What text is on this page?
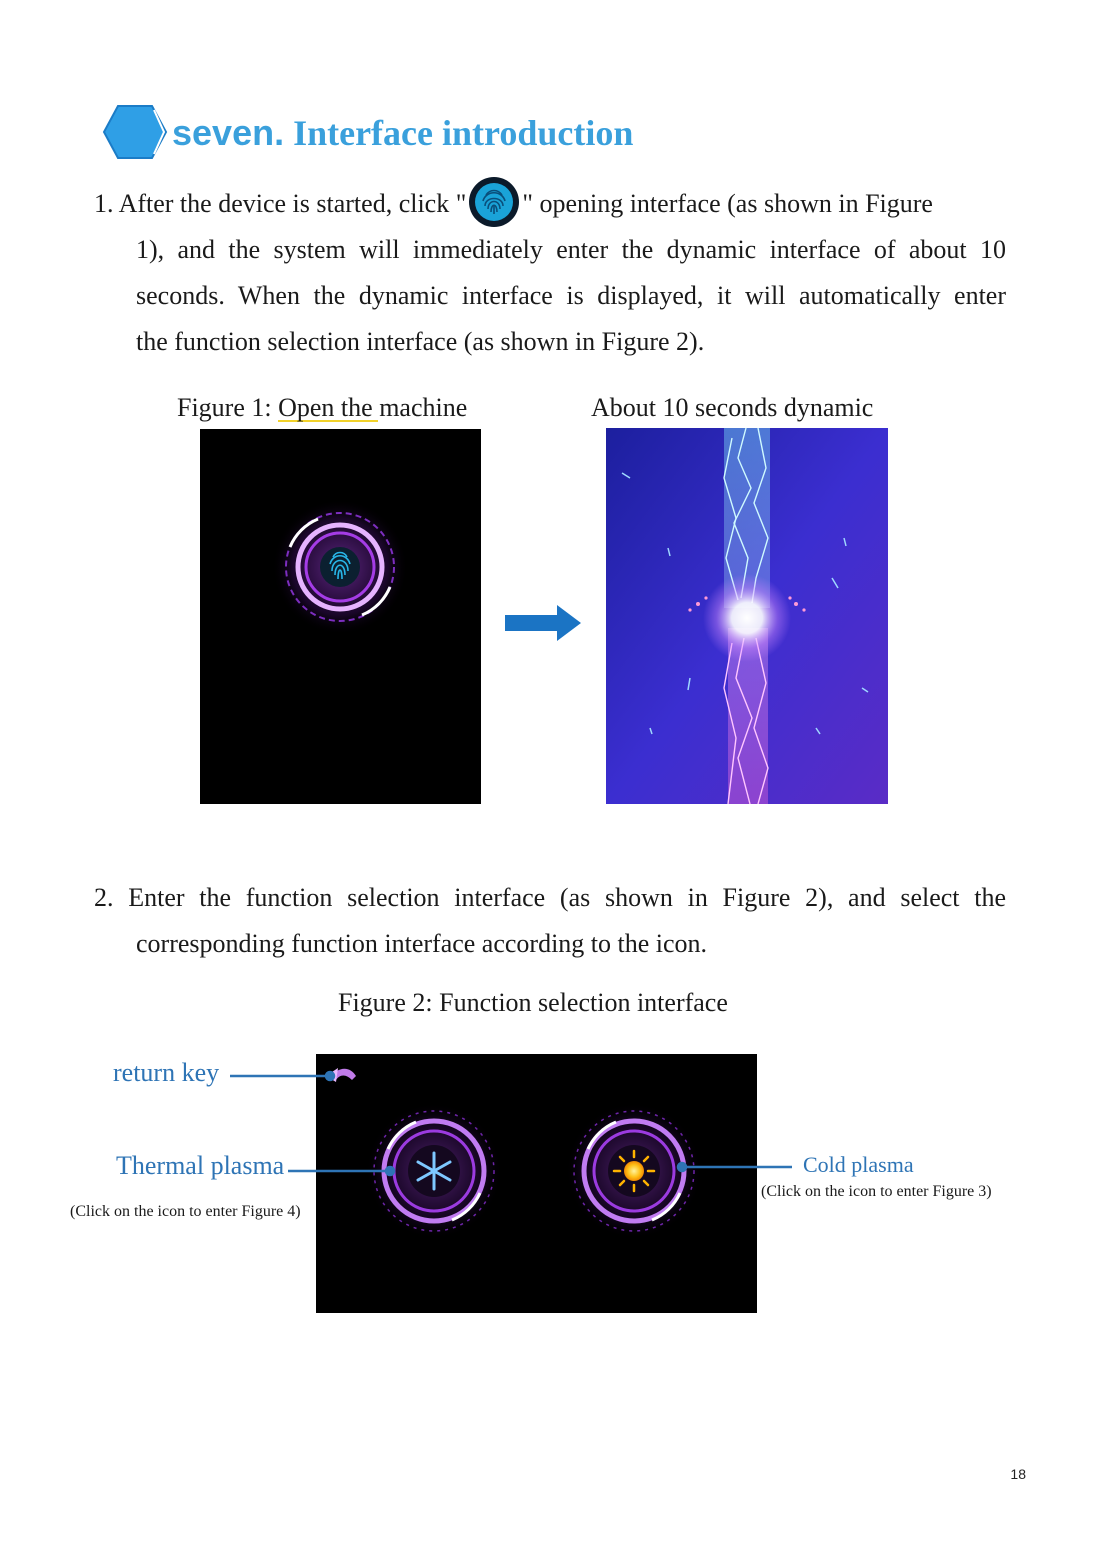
seven. Interface introduction
1. After the device is started, click " " opening interface (as shown in Figure
1), and the system will immediately enter the dynamic interface of about 10
seconds. When the dynamic interface is displayed, it will automatically enter
the function selection interface (as shown in Figure 2).
Figure 1: Open the machine	About 10 seconds dynamic
2. Enter the function selection interface (as shown in Figure 2), and select the
corresponding function interface according to the icon.
Figure 2: Function selection interface
return key
Thermal plasma
(Click on the icon to enter Figure 4)
Cold plasma
(Click on the icon to enter Figure 3)
18
